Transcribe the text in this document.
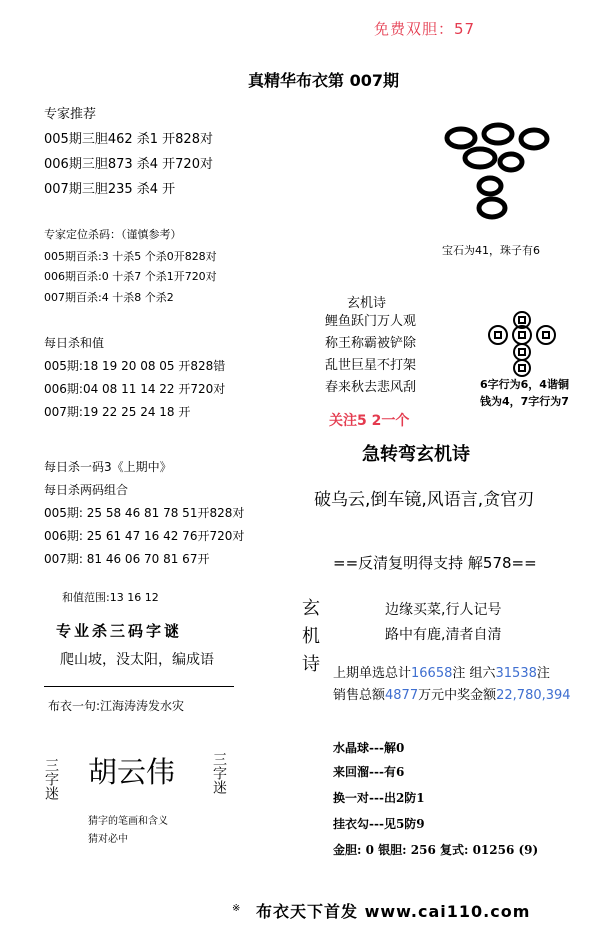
免费双胆：57
真精华布衣第 007期
专家推荐
005期三胆462 杀1 开828对
006期三胆873 杀4 开720对
007期三胆235 杀4 开
专家定位杀码：（谨慎参考）
005期百杀:3 十杀5 个杀0开828对
006期百杀:0 十杀7 个杀1开720对
007期百杀:4 十杀8 个杀2
每日杀和值
005期:18 19 20 08 05 开828错
006期:04 08 11 14 22 开720对
007期:19 22 25 24 18 开
每日杀一码3《上期中》
每日杀两码组合
005期: 25 58 46 81 78 51开828对
006期: 25 61 47 16 42 76开720对
007期: 81 46 06 70 81 67开
和值范围:13 16 12
专业杀三码字谜
爬山坡，没太阳，编成语
布衣一句:江海涛涛发水灾
三字迷 胡云伟	三字迷
猜字的笔画和含义
猜对必中
宝石为41，珠子有6
玄机诗
鲤鱼跃门万人观
称王称霸被铲除
乱世巨星不打架
春来秋去悲风刮	6字行为6，4谐铜
钱为4，7字行为7
关注5 2一个
急转弯玄机诗
破乌云,倒车镜,风语言,贪官刃
==反清复明得支持 解578==
玄机诗	边缘买菜,行人记号
路中有鹿,清者自清
上期单选总计16658注 组六31538注
销售总额4877万元中奖金额22,780,394
水晶球---解0
来回溜---有6
换一对---出2防1
挂衣勾---见5防9
金胆: 0 银胆: 256 复式: 01256 (9)
※ 布衣天下首发 www.cai110.com
